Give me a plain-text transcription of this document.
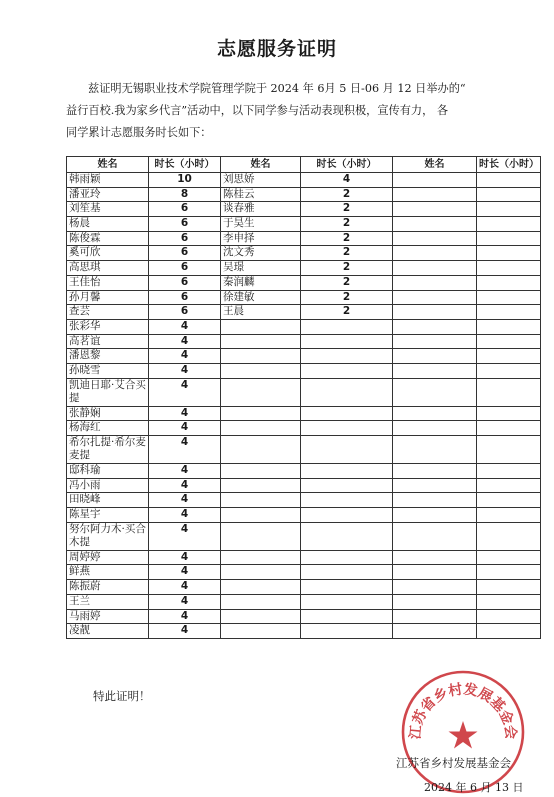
志愿服务证明
兹证明无锡职业技术学院管理学院于 2024 年 6月 5 日-06 月 12 日举办的“
益行百校.我为家乡代言”活动中，以下同学参与活动表现积极，宣传有力， 各
同学累计志愿服务时长如下：
姓名	时长（小时）	姓名	时长（小时）	姓名	时长（小时）
韩雨颖	10	刘思娇	4		
潘亚玲	8	陈桂云	2		
刘笙基	6	谈春雅	2		
杨晨	6	于昊生	2		
陈俊霖	6	李申择	2		
奚可欣	6	沈文秀	2		
高思琪	6	吴璟	2		
王佳怡	6	秦润麟	2		
孙月馨	6	徐建敏	2		
查芸	6	王晨	2		
张彩华	4				
高茗谊	4				
潘恩黎	4				
孙晓雪	4				
凯迪日耶·艾合买提	4				
张静娴	4				
杨海红	4				
希尔扎提·希尔麦麦提	4				
邸科瑜	4				
冯小雨	4				
田晓峰	4				
陈星宇	4				
努尔阿力木·买合木提	4				
周婷婷	4				
鲜燕	4				
陈振蔚	4				
王兰	4				
马雨婷	4				
凌靓	4				
特此证明！
江苏省乡村发展基金会
江苏省乡村发展基金会
2024 年 6 月 13 日
